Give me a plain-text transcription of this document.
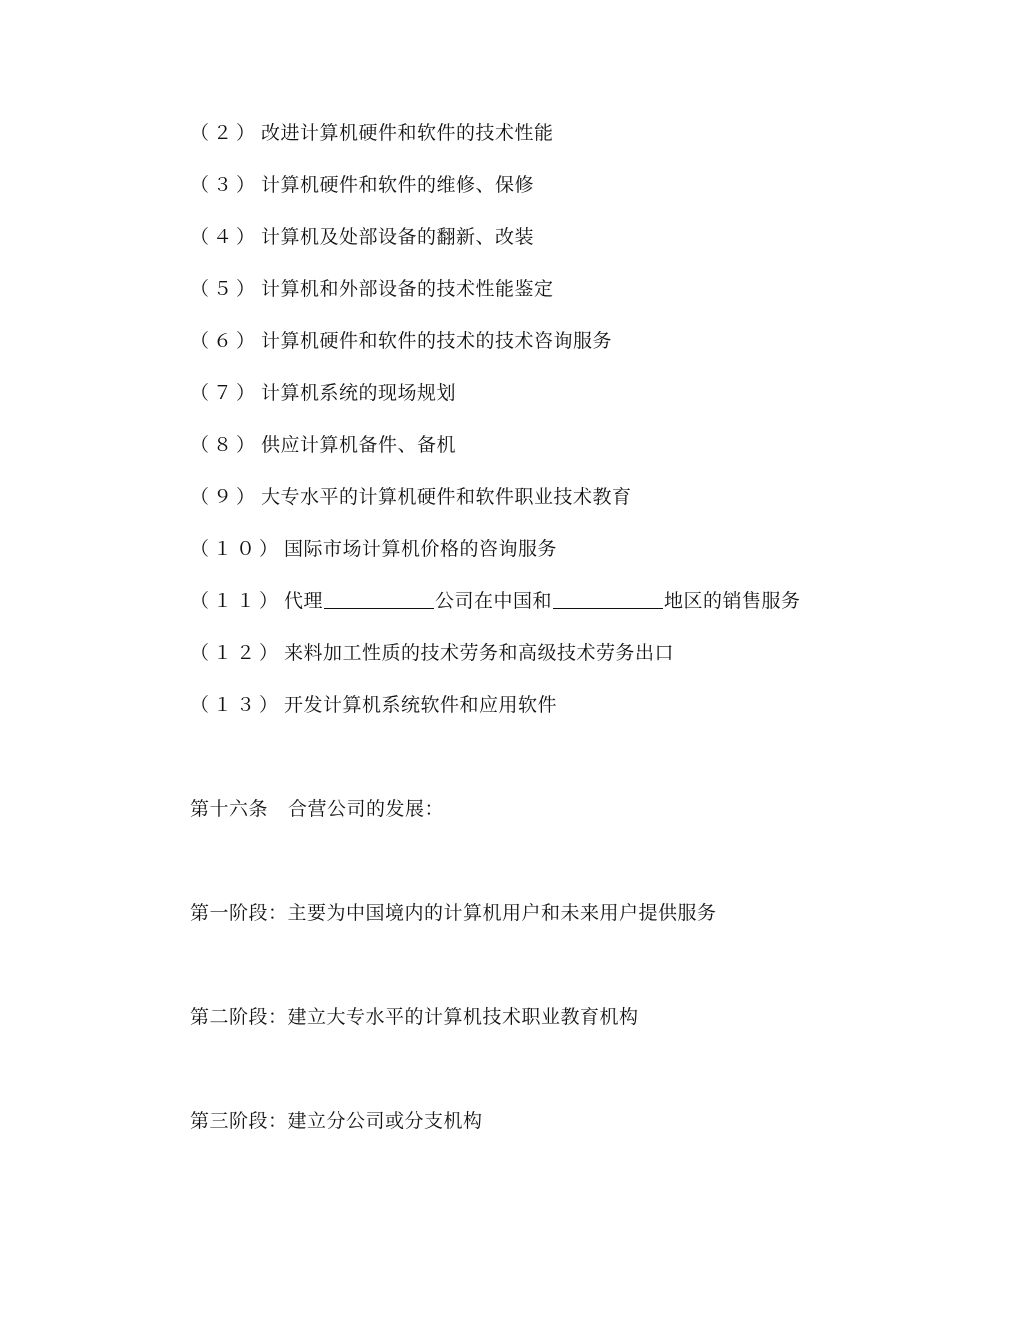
（２） 改进计算机硬件和软件的技术性能
（３） 计算机硬件和软件的维修、保修
（４） 计算机及处部设备的翻新、改装
（５） 计算机和外部设备的技术性能鉴定
（６） 计算机硬件和软件的技术的技术咨询服务
（７） 计算机系统的现场规划
（８） 供应计算机备件、备机
（９） 大专水平的计算机硬件和软件职业技术教育
（１０） 国际市场计算机价格的咨询服务
（１１） 代理	公司在中国和	地区的销售服务
（１２） 来料加工性质的技术劳务和高级技术劳务出口
（１３） 开发计算机系统软件和应用软件
第十六条 合营公司的发展：
第一阶段：主要为中国境内的计算机用户和未来用户提供服务
第二阶段：建立大专水平的计算机技术职业教育机构
第三阶段：建立分公司或分支机构
